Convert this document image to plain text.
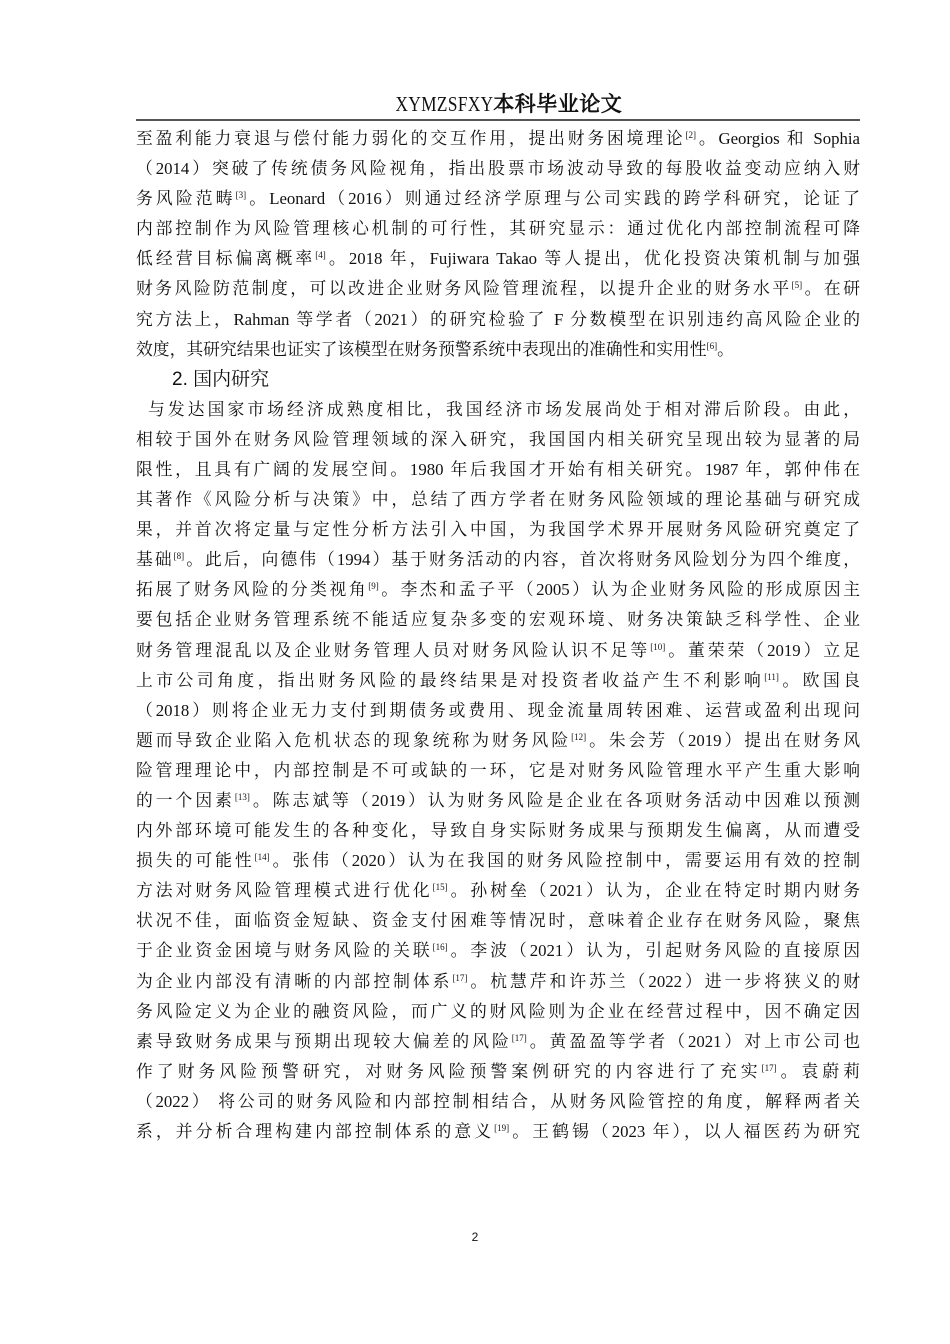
XYMZSFXY本科毕业论文
至盈利能力衰退与偿付能力弱化的交互作用，提出财务困境理论[2]。Georgios 和 Sophia
（2014）突破了传统债务风险视角，指出股票市场波动导致的每股收益变动应纳入财
务风险范畴[3]。Leonard（2016）则通过经济学原理与公司实践的跨学科研究，论证了
内部控制作为风险管理核心机制的可行性，其研究显示：通过优化内部控制流程可降
低经营目标偏离概率[4]。2018 年，Fujiwara Takao 等人提出，优化投资决策机制与加强
财务风险防范制度，可以改进企业财务风险管理流程，以提升企业的财务水平[5]。在研
究方法上，Rahman 等学者（2021）的研究检验了 F 分数模型在识别违约高风险企业的
效度，其研究结果也证实了该模型在财务预警系统中表现出的准确性和实用性[6]。
2. 国内研究
与发达国家市场经济成熟度相比，我国经济市场发展尚处于相对滞后阶段。由此，
相较于国外在财务风险管理领域的深入研究，我国国内相关研究呈现出较为显著的局
限性，且具有广阔的发展空间。1980 年后我国才开始有相关研究。1987 年，郭仲伟在
其著作《风险分析与决策》中，总结了西方学者在财务风险领域的理论基础与研究成
果，并首次将定量与定性分析方法引入中国，为我国学术界开展财务风险研究奠定了
基础[8]。此后，向德伟（1994）基于财务活动的内容，首次将财务风险划分为四个维度，
拓展了财务风险的分类视角[9]。李杰和孟子平（2005）认为企业财务风险的形成原因主
要包括企业财务管理系统不能适应复杂多变的宏观环境、财务决策缺乏科学性、企业
财务管理混乱以及企业财务管理人员对财务风险认识不足等[10]。董荣荣（2019）立足
上市公司角度，指出财务风险的最终结果是对投资者收益产生不利影响[11]。欧国良
（2018）则将企业无力支付到期债务或费用、现金流量周转困难、运营或盈利出现问
题而导致企业陷入危机状态的现象统称为财务风险[12]。朱会芳（2019）提出在财务风
险管理理论中，内部控制是不可或缺的一环，它是对财务风险管理水平产生重大影响
的一个因素[13]。陈志斌等（2019）认为财务风险是企业在各项财务活动中因难以预测
内外部环境可能发生的各种变化，导致自身实际财务成果与预期发生偏离，从而遭受
损失的可能性[14]。张伟（2020）认为在我国的财务风险控制中，需要运用有效的控制
方法对财务风险管理模式进行优化[15]。孙树垒（2021）认为，企业在特定时期内财务
状况不佳，面临资金短缺、资金支付困难等情况时，意味着企业存在财务风险，聚焦
于企业资金困境与财务风险的关联[16]。李波（2021）认为，引起财务风险的直接原因
为企业内部没有清晰的内部控制体系[17]。杭慧芹和许苏兰（2022）进一步将狭义的财
务风险定义为企业的融资风险，而广义的财风险则为企业在经营过程中，因不确定因
素导致财务成果与预期出现较大偏差的风险[17]。黄盈盈等学者（2021）对上市公司也
作了财务风险预警研究，对财务风险预警案例研究的内容进行了充实[17]。袁蔚莉
（2022） 将公司的财务风险和内部控制相结合，从财务风险管控的角度，解释两者关
系，并分析合理构建内部控制体系的意义[19]。王鹤锡（2023 年），以人福医药为研究
2
